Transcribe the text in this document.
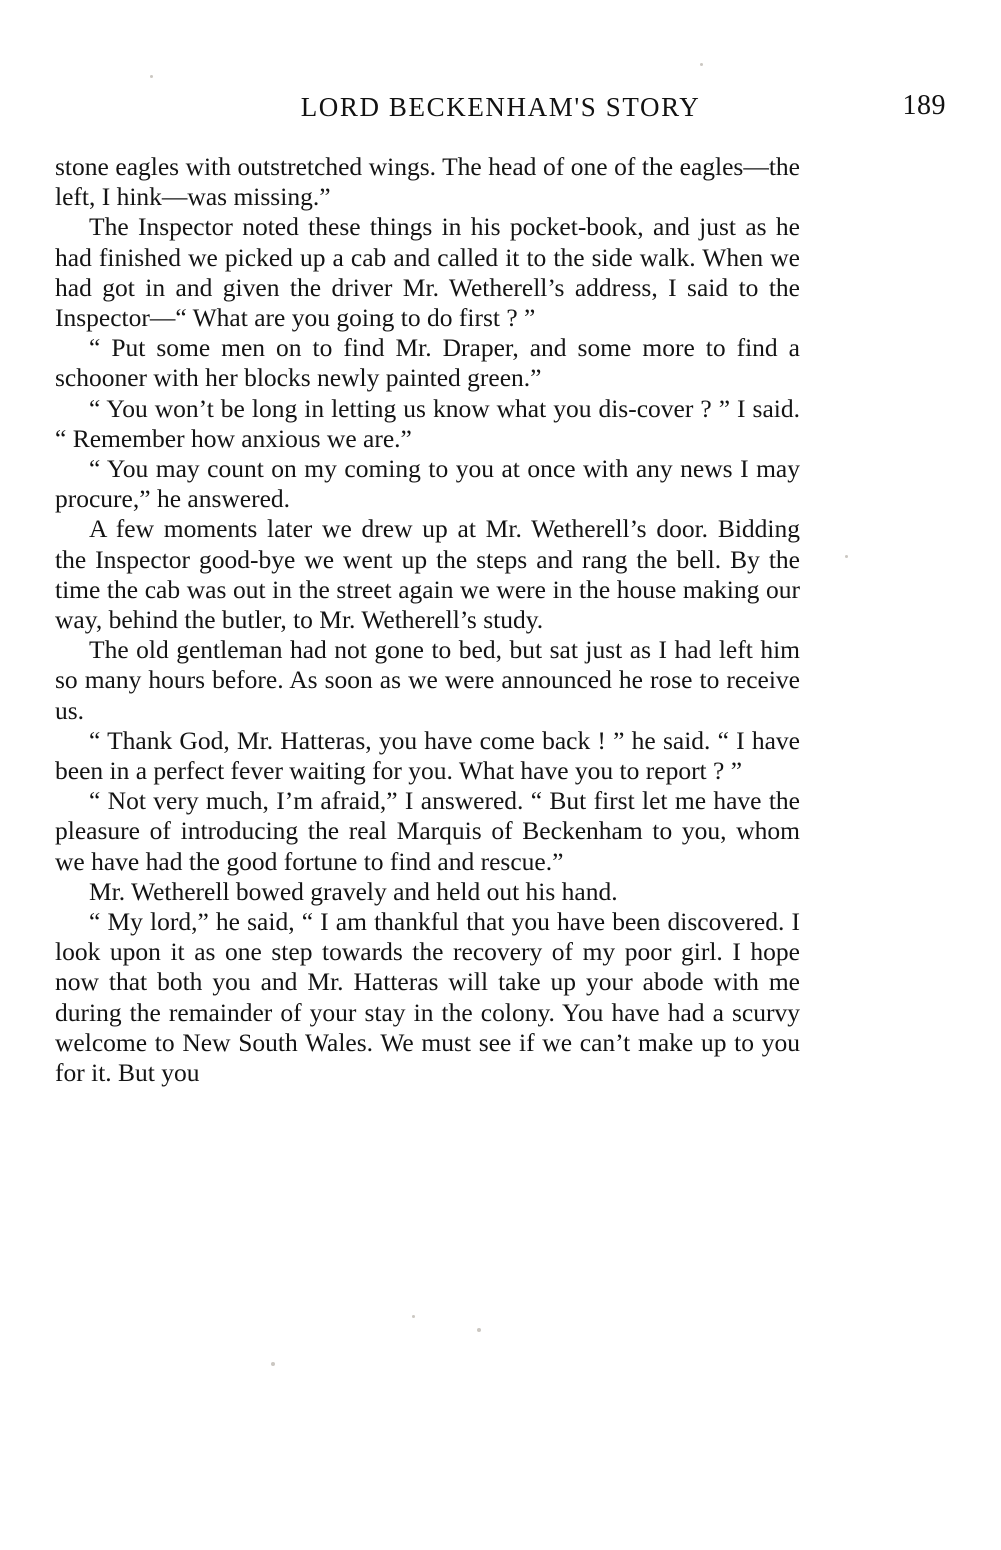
LORD BECKENHAM'S STORY	189

stone eagles with outstretched wings. The head of one of the eagles—the left, I hink—was missing.”

The Inspector noted these things in his pocket-book, and just as he had finished we picked up a cab and called it to the side walk. When we had got in and given the driver Mr. Wetherell’s address, I said to the Inspector—“ What are you going to do first ? ”

“ Put some men on to find Mr. Draper, and some more to find a schooner with her blocks newly painted green.”

“ You won’t be long in letting us know what you dis-cover ? ” I said. “ Remember how anxious we are.”

“ You may count on my coming to you at once with any news I may procure,” he answered.

A few moments later we drew up at Mr. Wetherell’s door. Bidding the Inspector good-bye we went up the steps and rang the bell. By the time the cab was out in the street again we were in the house making our way, behind the butler, to Mr. Wetherell’s study.

The old gentleman had not gone to bed, but sat just as I had left him so many hours before. As soon as we were announced he rose to receive us.

“ Thank God, Mr. Hatteras, you have come back ! ” he said. “ I have been in a perfect fever waiting for you. What have you to report ? ”

“ Not very much, I’m afraid,” I answered. “ But first let me have the pleasure of introducing the real Marquis of Beckenham to you, whom we have had the good fortune to find and rescue.”

Mr. Wetherell bowed gravely and held out his hand.

“ My lord,” he said, “ I am thankful that you have been discovered. I look upon it as one step towards the recovery of my poor girl. I hope now that both you and Mr. Hatteras will take up your abode with me during the remainder of your stay in the colony. You have had a scurvy welcome to New South Wales. We must see if we can’t make up to you for it. But you
